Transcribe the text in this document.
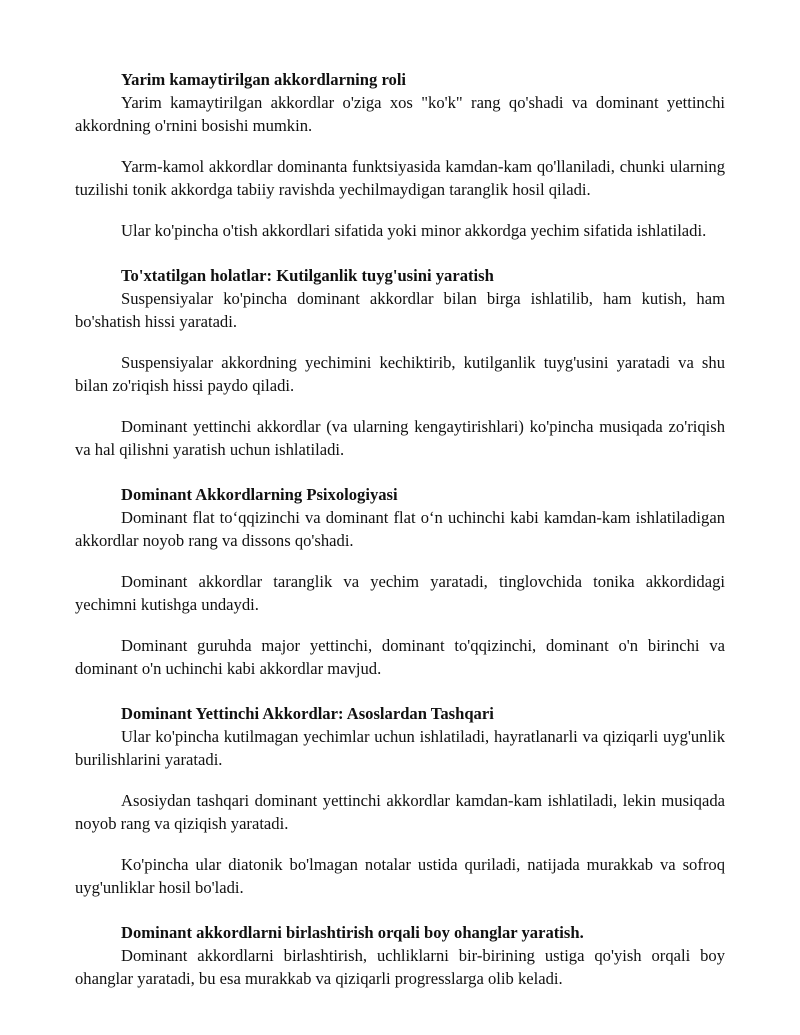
Yarim kamaytirilgan akkordlarning roli

Yarim kamaytirilgan akkordlar o'ziga xos "ko'k" rang qo'shadi va dominant yettinchi akkordning o'rnini bosishi mumkin.

Yarm-kamol akkordlar dominanta funktsiyasida kamdan-kam qo'llaniladi, chunki ularning tuzilishi tonik akkordga tabiiy ravishda yechilmaydigan taranglik hosil qiladi.

Ular ko'pincha o'tish akkordlari sifatida yoki minor akkordga yechim sifatida ishlatiladi.

To'xtatilgan holatlar: Kutilganlik tuyg'usini yaratish

Suspensiyalar ko'pincha dominant akkordlar bilan birga ishlatilib, ham kutish, ham bo'shatish hissi yaratadi.

Suspensiyalar akkordning yechimini kechiktirib, kutilganlik tuyg'usini yaratadi va shu bilan zo'riqish hissi paydo qiladi.

Dominant yettinchi akkordlar (va ularning kengaytirishlari) ko'pincha musiqada zo'riqish va hal qilishni yaratish uchun ishlatiladi.

Dominant Akkordlarning Psixologiyasi

Dominant flat to‘qqizinchi va dominant flat o‘n uchinchi kabi kamdan-kam ishlatiladigan akkordlar noyob rang va dissons qo'shadi.

Dominant akkordlar taranglik va yechim yaratadi, tinglovchida tonika akkordidagi yechimni kutishga undaydi.

Dominant guruhda major yettinchi, dominant to'qqizinchi, dominant o'n birinchi va dominant o'n uchinchi kabi akkordlar mavjud.

Dominant Yettinchi Akkordlar: Asoslardan Tashqari

Ular ko'pincha kutilmagan yechimlar uchun ishlatiladi, hayratlanarli va qiziqarli uyg'unlik burilishlarini yaratadi.

Asosiydan tashqari dominant yettinchi akkordlar kamdan-kam ishlatiladi, lekin musiqada noyob rang va qiziqish yaratadi.

Ko'pincha ular diatonik bo'lmagan notalar ustida quriladi, natijada murakkab va sofroq uyg'unliklar hosil bo'ladi.

Dominant akkordlarni birlashtirish orqali boy ohanglar yaratish.

Dominant akkordlarni birlashtirish, uchliklarni bir-birining ustiga qo'yish orqali boy ohanglar yaratadi, bu esa murakkab va qiziqarli progresslarga olib keladi.
